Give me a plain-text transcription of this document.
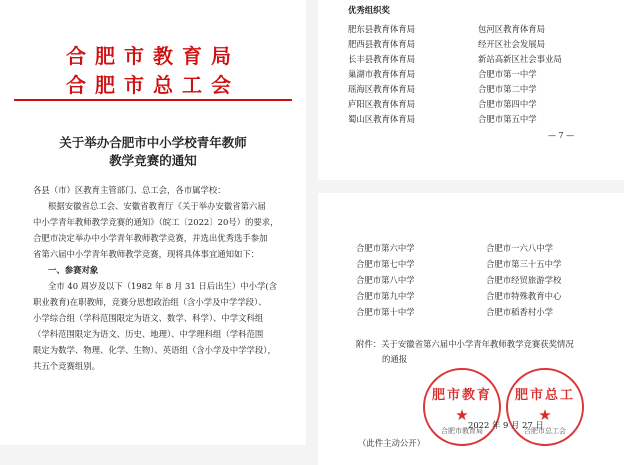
合肥市教育局
合肥市总工会
关于举办合肥市中小学校青年教师
教学竞赛的通知
各县（市）区教育主管部门、总工会，各市属学校：
根据安徽省总工会、安徽省教育厅《关于举办安徽省第六届
中小学青年教师教学竞赛的通知》（皖工〔2022〕20号）的要求，
合肥市决定举办中小学青年教师教学竞赛，并选出优秀选手参加
省第六届中小学青年教师教学竞赛，现将具体事宜通知如下：
一、参赛对象
全市 40 周岁及以下（1982 年 8 月 31 日后出生）中小学(含
职业教育)在职教师，竞赛分思想政治组（含小学及中学学段）、
小学综合组（学科范围限定为语文、数学、科学）、中学文科组
（学科范围限定为语文、历史、地理）、中学理科组（学科范围
限定为数学、物理、化学、生物）、英语组（含小学及中学学段），
共五个竞赛组别。
优秀组织奖
肥东县教育体育局
肥西县教育体育局
长丰县教育体育局
巢湖市教育体育局
瑶海区教育体育局
庐阳区教育体育局
蜀山区教育体育局
包河区教育体育局
经开区社会发展局
新站高新区社会事业局
合肥市第一中学
合肥市第二中学
合肥市第四中学
合肥市第五中学
— 7 —
合肥市第六中学
合肥市第七中学
合肥市第八中学
合肥市第九中学
合肥市第十中学
合肥市一六八中学
合肥市第三十五中学
合肥市经贸旅游学校
合肥市特殊教育中心
合肥市稻香村小学
附件：关于安徽省第六届中小学青年教师教学竞赛获奖情况
的通报
肥市教育
★
合肥市教育局
肥市总工
★
合肥市总工会
2022 年 9 月 27 日
（此件主动公开）
